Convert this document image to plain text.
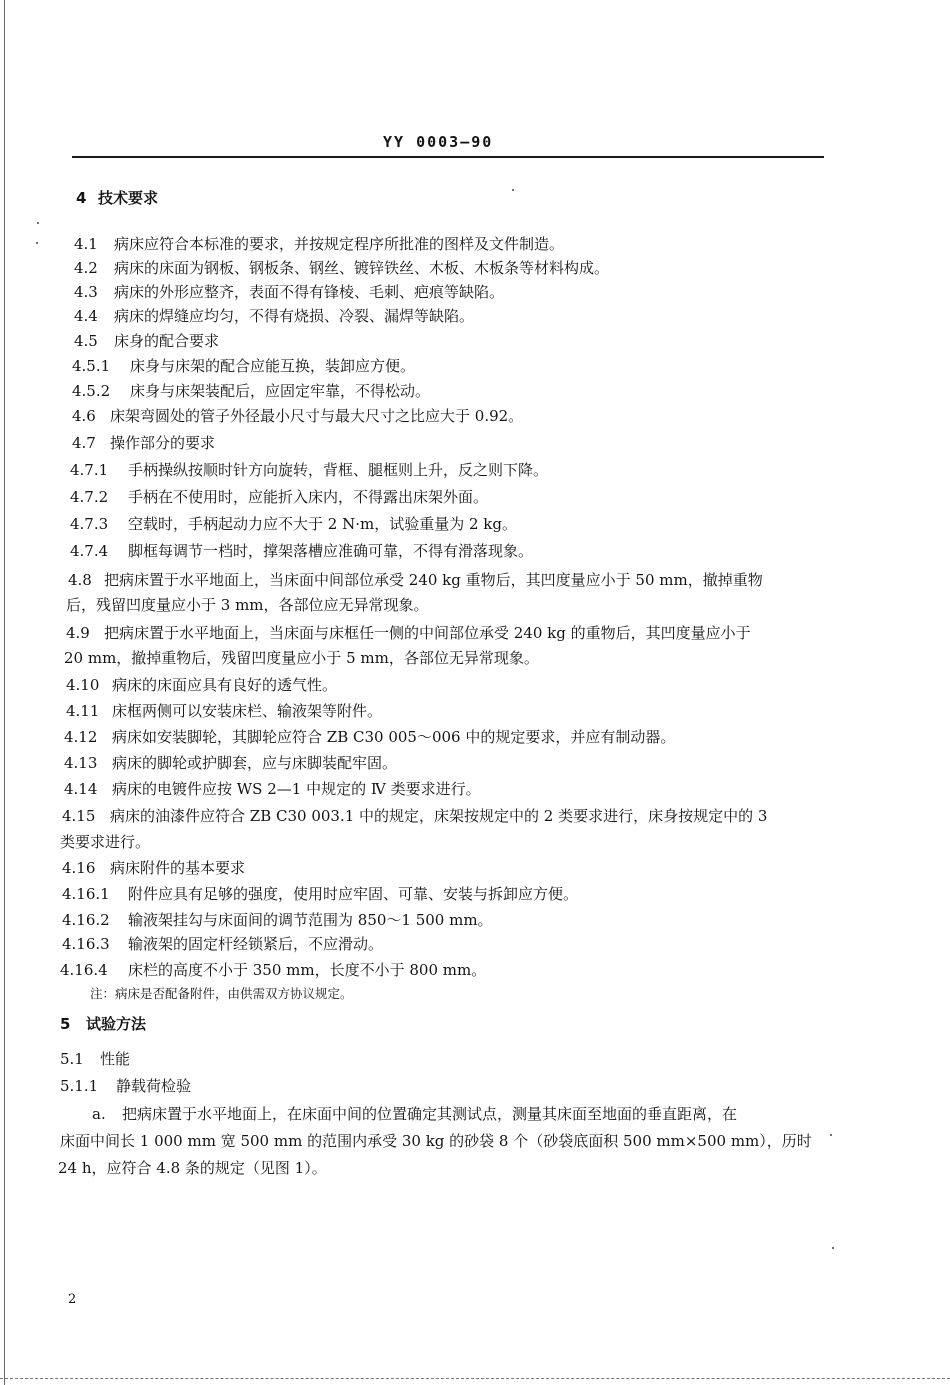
YY 0003—90
4 技术要求
4.1 病床应符合本标准的要求，并按规定程序所批准的图样及文件制造。
4.2 病床的床面为钢板、钢板条、钢丝、镀锌铁丝、木板、木板条等材料构成。
4.3 病床的外形应整齐，表面不得有锋棱、毛刺、疤痕等缺陷。
4.4 病床的焊缝应均匀，不得有烧损、冷裂、漏焊等缺陷。
4.5 床身的配合要求
4.5.1 床身与床架的配合应能互换，装卸应方便。
4.5.2 床身与床架装配后，应固定牢靠，不得松动。
4.6 床架弯圆处的管子外径最小尺寸与最大尺寸之比应大于 0.92。
4.7 操作部分的要求
4.7.1 手柄操纵按顺时针方向旋转，背框、腿框则上升，反之则下降。
4.7.2 手柄在不使用时，应能折入床内，不得露出床架外面。
4.7.3 空载时，手柄起动力应不大于 2 N·m，试验重量为 2 kg。
4.7.4 脚框每调节一档时，撑架落槽应准确可靠，不得有滑落现象。
4.8 把病床置于水平地面上，当床面中间部位承受 240 kg 重物后，其凹度量应小于 50 mm，撤掉重物
后，残留凹度量应小于 3 mm，各部位应无异常现象。
4.9 把病床置于水平地面上，当床面与床框任一侧的中间部位承受 240 kg 的重物后，其凹度量应小于
20 mm，撤掉重物后，残留凹度量应小于 5 mm，各部位无异常现象。
4.10 病床的床面应具有良好的透气性。
4.11 床框两侧可以安装床栏、输液架等附件。
4.12 病床如安装脚轮，其脚轮应符合 ZB C30 005～006 中的规定要求，并应有制动器。
4.13 病床的脚轮或护脚套，应与床脚装配牢固。
4.14 病床的电镀件应按 WS 2—1 中规定的 Ⅳ 类要求进行。
4.15 病床的油漆件应符合 ZB C30 003.1 中的规定，床架按规定中的 2 类要求进行，床身按规定中的 3
类要求进行。
4.16 病床附件的基本要求
4.16.1 附件应具有足够的强度，使用时应牢固、可靠、安装与拆卸应方便。
4.16.2 输液架挂勾与床面间的调节范围为 850～1 500 mm。
4.16.3 输液架的固定杆经锁紧后，不应滑动。
4.16.4 床栏的高度不小于 350 mm，长度不小于 800 mm。
注：病床是否配备附件，由供需双方协议规定。
5 试验方法
5.1 性能
5.1.1 静载荷检验
a. 把病床置于水平地面上，在床面中间的位置确定其测试点，测量其床面至地面的垂直距离，在
床面中间长 1 000 mm 宽 500 mm 的范围内承受 30 kg 的砂袋 8 个（砂袋底面积 500 mm×500 mm），历时
24 h，应符合 4.8 条的规定（见图 1）。
2
